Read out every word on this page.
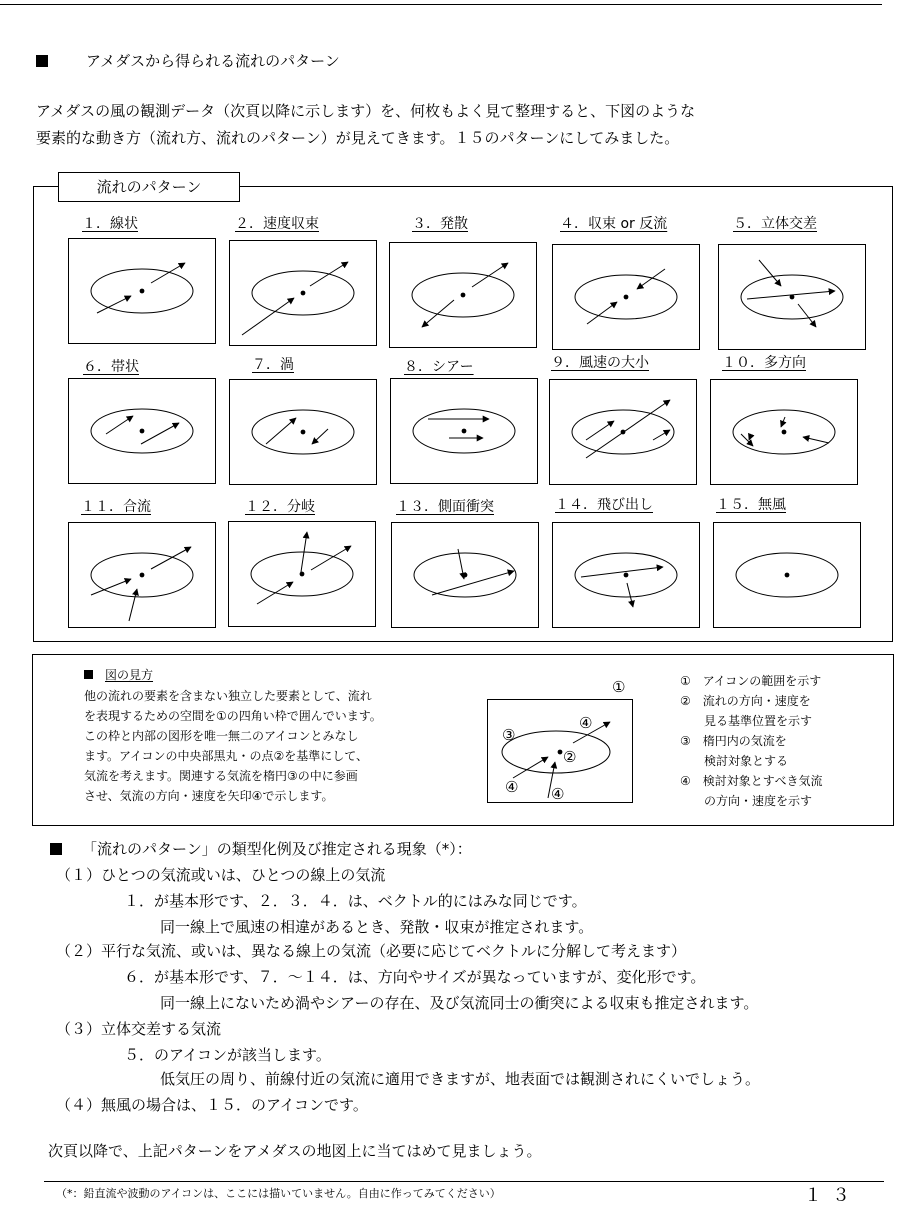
アメダスから得られる流れのパターン
アメダスの風の観測データ（次頁以降に示します）を、何枚もよく見て整理すると、下図のような
要素的な動き方（流れ方、流れのパターン）が見えてきます。１５のパターンにしてみました。
流れのパターン
１．線状	２．速度収束	３．発散	４．収束 or 反流	５．立体交差
６．帯状	７．渦	８．シアー	９．風速の大小	１０．多方向
１１．合流	１２．分岐	１３．側面衝突	１４．飛び出し	１５．無風
図の見方
他の流れの要素を含まない独立した要素として、流れ
を表現するための空間を①の四角い枠で囲んでいます。
この枠と内部の図形を唯一無二のアイコンとみなし
ます。アイコンの中央部黒丸・の点②を基準にして、
気流を考えます。関連する気流を楕円③の中に参画
させ、気流の方向・速度を矢印④で示します。
①
③
④
②
④ ④
①　アイコンの範囲を示す
②　流れの方向・速度を
　　見る基準位置を示す
③　楕円内の気流を
　　検討対象とする
④　検討対象とすべき気流
　　の方向・速度を示す
「流れのパターン」の類型化例及び推定される現象（*）：
（１）ひとつの気流或いは、ひとつの線上の気流
１．が基本形です、２．３．４．は、ベクトル的にはみな同じです。
同一線上で風速の相違があるとき、発散・収束が推定されます。
（２）平行な気流、或いは、異なる線上の気流（必要に応じてベクトルに分解して考えます）
６．が基本形です、７．～１４．は、方向やサイズが異なっていますが、変化形です。
同一線上にないため渦やシアーの存在、及び気流同士の衝突による収束も推定されます。
（３）立体交差する気流
５．のアイコンが該当します。
低気圧の周り、前線付近の気流に適用できますが、地表面では観測されにくいでしょう。
（４）無風の場合は、１５．のアイコンです。
次頁以降で、上記パターンをアメダスの地図上に当てはめて見ましょう。
（*：鉛直流や波動のアイコンは、ここには描いていません。自由に作ってみてください）	１３
